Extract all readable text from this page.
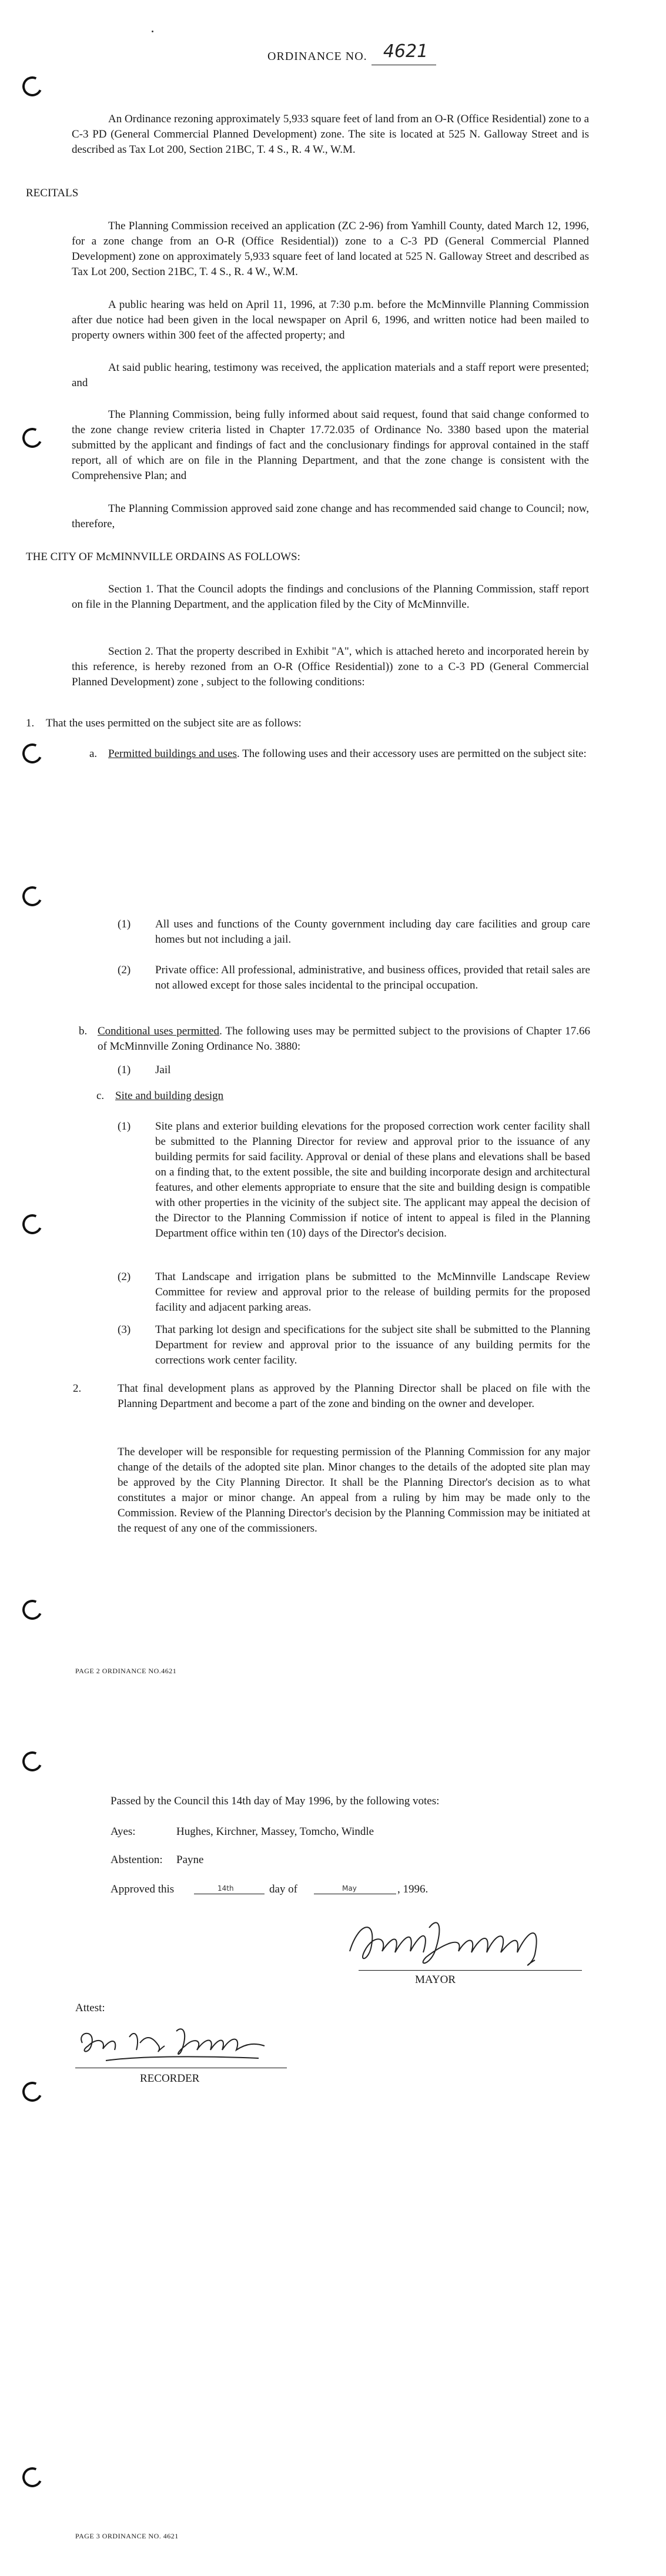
ORDINANCE NO. 4621

An Ordinance rezoning approximately 5,933 square feet of land from an O-R (Office Residential) zone to a C-3 PD (General Commercial Planned Development) zone. The site is located at 525 N. Galloway Street and is described as Tax Lot 200, Section 21BC, T. 4 S., R. 4 W., W.M.

RECITALS

The Planning Commission received an application (ZC 2-96) from Yamhill County, dated March 12, 1996, for a zone change from an O-R (Office Residential)) zone to a C-3 PD (General Commercial Planned Development) zone on approximately 5,933 square feet of land located at 525 N. Galloway Street and described as Tax Lot 200, Section 21BC, T. 4 S., R. 4 W., W.M.

A public hearing was held on April 11, 1996, at 7:30 p.m. before the McMinnville Planning Commission after due notice had been given in the local newspaper on April 6, 1996, and written notice had been mailed to property owners within 300 feet of the affected property; and

At said public hearing, testimony was received, the application materials and a staff report were presented; and

The Planning Commission, being fully informed about said request, found that said change conformed to the zone change review criteria listed in Chapter 17.72.035 of Ordinance No. 3380 based upon the material submitted by the applicant and findings of fact and the conclusionary findings for approval contained in the staff report, all of which are on file in the Planning Department, and that the zone change is consistent with the Comprehensive Plan; and

The Planning Commission approved said zone change and has recommended said change to Council; now, therefore,

THE CITY OF McMINNVILLE ORDAINS AS FOLLOWS:

Section 1. That the Council adopts the findings and conclusions of the Planning Commission, staff report on file in the Planning Department, and the application filed by the City of McMinnville.

Section 2. That the property described in Exhibit "A", which is attached hereto and incorporated herein by this reference, is hereby rezoned from an O-R (Office Residential)) zone to a C-3 PD (General Commercial Planned Development) zone , subject to the following conditions:

1. That the uses permitted on the subject site are as follows:

a. Permitted buildings and uses. The following uses and their accessory uses are permitted on the subject site:

(1) All uses and functions of the County government including day care facilities and group care homes but not including a jail.

(2) Private office: All professional, administrative, and business offices, provided that retail sales are not allowed except for those sales incidental to the principal occupation.

b. Conditional uses permitted. The following uses may be permitted subject to the provisions of Chapter 17.66 of McMinnville Zoning Ordinance No. 3880:

(1) Jail

c. Site and building design

(1) Site plans and exterior building elevations for the proposed correction work center facility shall be submitted to the Planning Director for review and approval prior to the issuance of any building permits for said facility. Approval or denial of these plans and elevations shall be based on a finding that, to the extent possible, the site and building incorporate design and architectural features, and other elements appropriate to ensure that the site and building design is compatible with other properties in the vicinity of the subject site. The applicant may appeal the decision of the Director to the Planning Commission if notice of intent to appeal is filed in the Planning Department office within ten (10) days of the Director's decision.

(2) That Landscape and irrigation plans be submitted to the McMinnville Landscape Review Committee for review and approval prior to the release of building permits for the proposed facility and adjacent parking areas.

(3) That parking lot design and specifications for the subject site shall be submitted to the Planning Department for review and approval prior to the issuance of any building permits for the corrections work center facility.

2.	That final development plans as approved by the Planning Director shall be placed on file with the Planning Department and become a part of the zone and binding on the owner and developer.

The developer will be responsible for requesting permission of the Planning Commission for any major change of the details of the adopted site plan. Minor changes to the details of the adopted site plan may be approved by the City Planning Director. It shall be the Planning Director's decision as to what constitutes a major or minor change. An appeal from a ruling by him may be made only to the Commission. Review of the Planning Director's decision by the Planning Commission may be initiated at the request of any one of the commissioners.

PAGE 2 ORDINANCE NO.4621

Passed by the Council this 14th day of May 1996, by the following votes:

Ayes:	Hughes, Kirchner, Massey, Tomcho, Windle

Abstention:	Payne

Approved this	14th	day of	May	, 1996.

MAYOR

Attest:

RECORDER

PAGE 3 ORDINANCE NO. 4621
